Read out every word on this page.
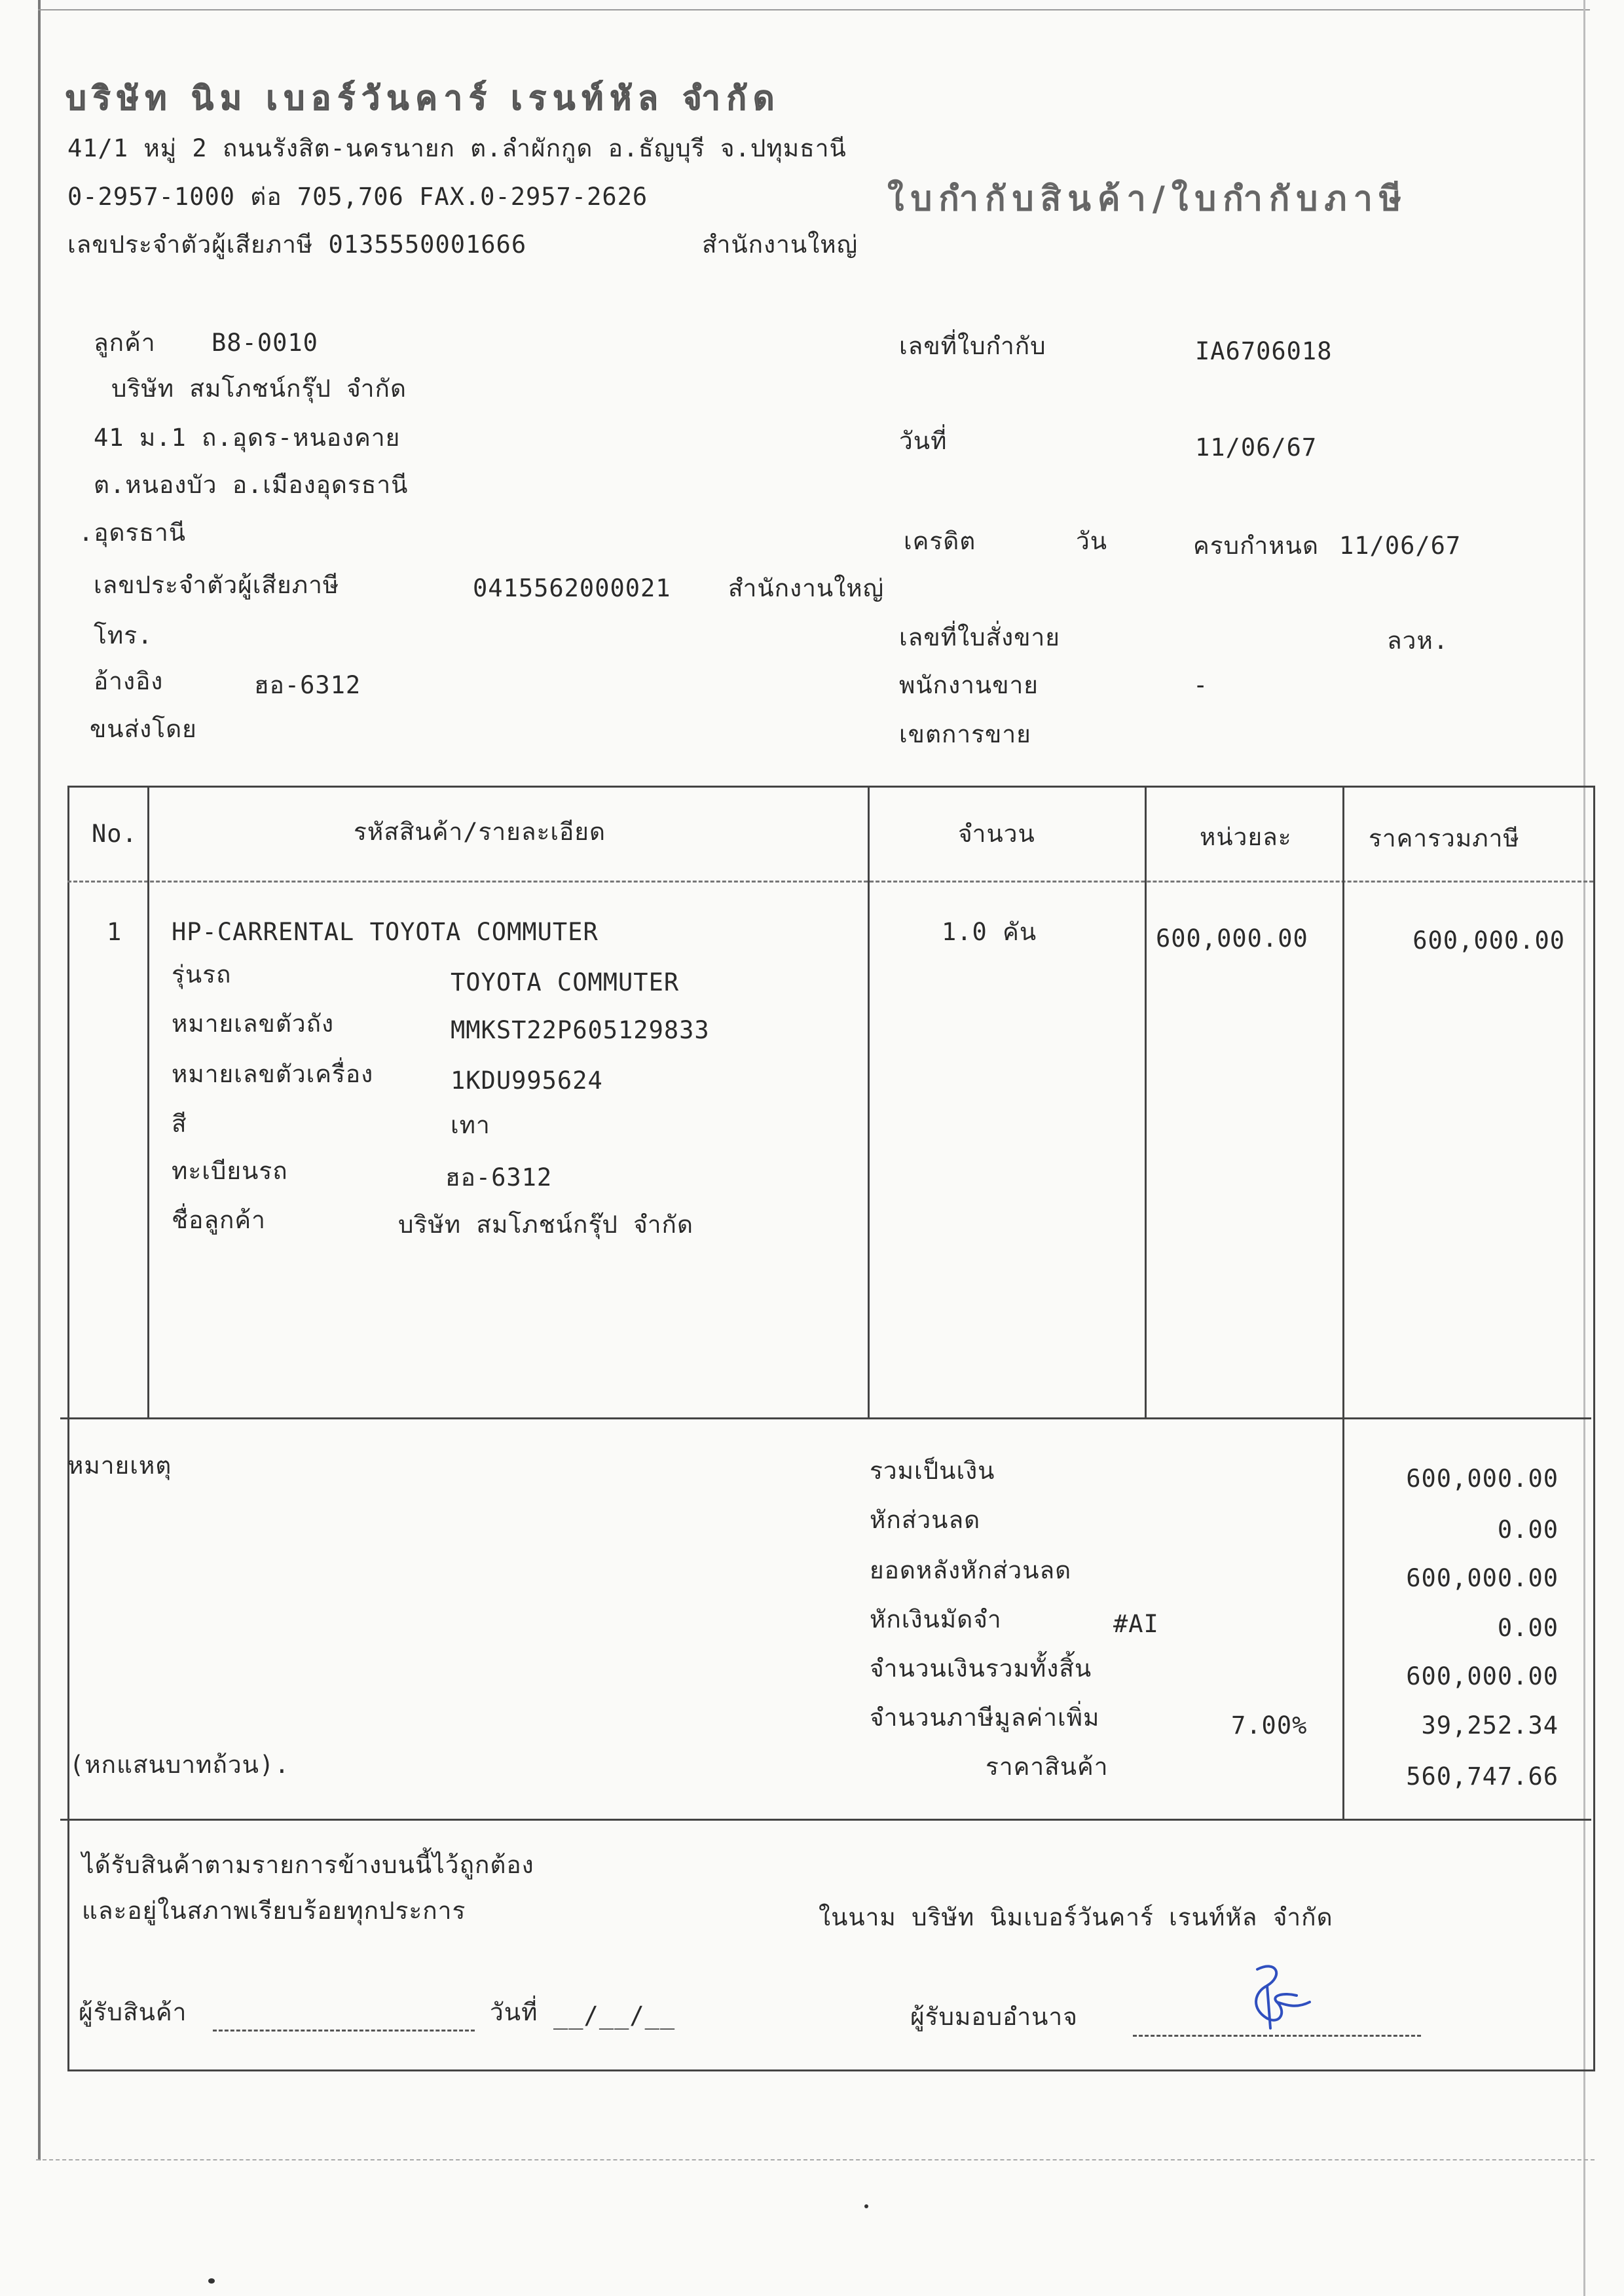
บริษัท นิม เบอร์วันคาร์ เรนท์หัล จำกัด
41/1 หมู่ 2 ถนนรังสิต-นครนายก ต.ลำผักกูด อ.ธัญบุรี จ.ปทุมธานี
0-2957-1000 ต่อ 705,706 FAX.0-2957-2626	ใบกำกับสินค้า/ใบกำกับภาษี
เลขประจำตัวผู้เสียภาษี 0135550001666	สำนักงานใหญ่
ลูกค้า B8-0010
บริษัท สมโภชน์กรุ๊ป จำกัด
41 ม.1 ถ.อุดร-หนองคาย
ต.หนองบัว อ.เมืองอุดรธานี
.อุดรธานี
เลขประจำตัวผู้เสียภาษี	0415562000021 สำนักงานใหญ่
โทร.
อ้างอิง	ฮอ-6312
ขนส่งโดย
เลขที่ใบกำกับ	IA6706018
วันที่	11/06/67
เครดิต	วัน	ครบกำหนด 11/06/67
เลขที่ใบสั่งขาย	ลวห.
พนักงานขาย	-
เขตการขาย
No.	รหัสสินค้า/รายละเอียด	จำนวน	หน่วยละ	ราคารวมภาษี
1 HP-CARRENTAL TOYOTA COMMUTER	1.0 คัน	600,000.00	600,000.00
รุ่นรถ	TOYOTA COMMUTER
หมายเลขตัวถัง	MMKST22P605129833
หมายเลขตัวเครื่อง	1KDU995624
สี	เทา
ทะเบียนรถ	ฮอ-6312
ชื่อลูกค้า	บริษัท สมโภชน์กรุ๊ป จำกัด
หมายเหตุ
(หกแสนบาทถ้วน).
รวมเป็นเงิน	600,000.00
หักส่วนลด	0.00
ยอดหลังหักส่วนลด	600,000.00
หักเงินมัดจำ	#AI	0.00
จำนวนเงินรวมทั้งสิ้น	600,000.00
จำนวนภาษีมูลค่าเพิ่ม	7.00%	39,252.34
ราคาสินค้า	560,747.66
ได้รับสินค้าตามรายการข้างบนนี้ไว้ถูกต้อง
และอยู่ในสภาพเรียบร้อยทุกประการ	ในนาม บริษัท นิมเบอร์วันคาร์ เรนท์หัล จำกัด
ผู้รับสินค้า	วันที่ __/__/__	ผู้รับมอบอำนาจ
